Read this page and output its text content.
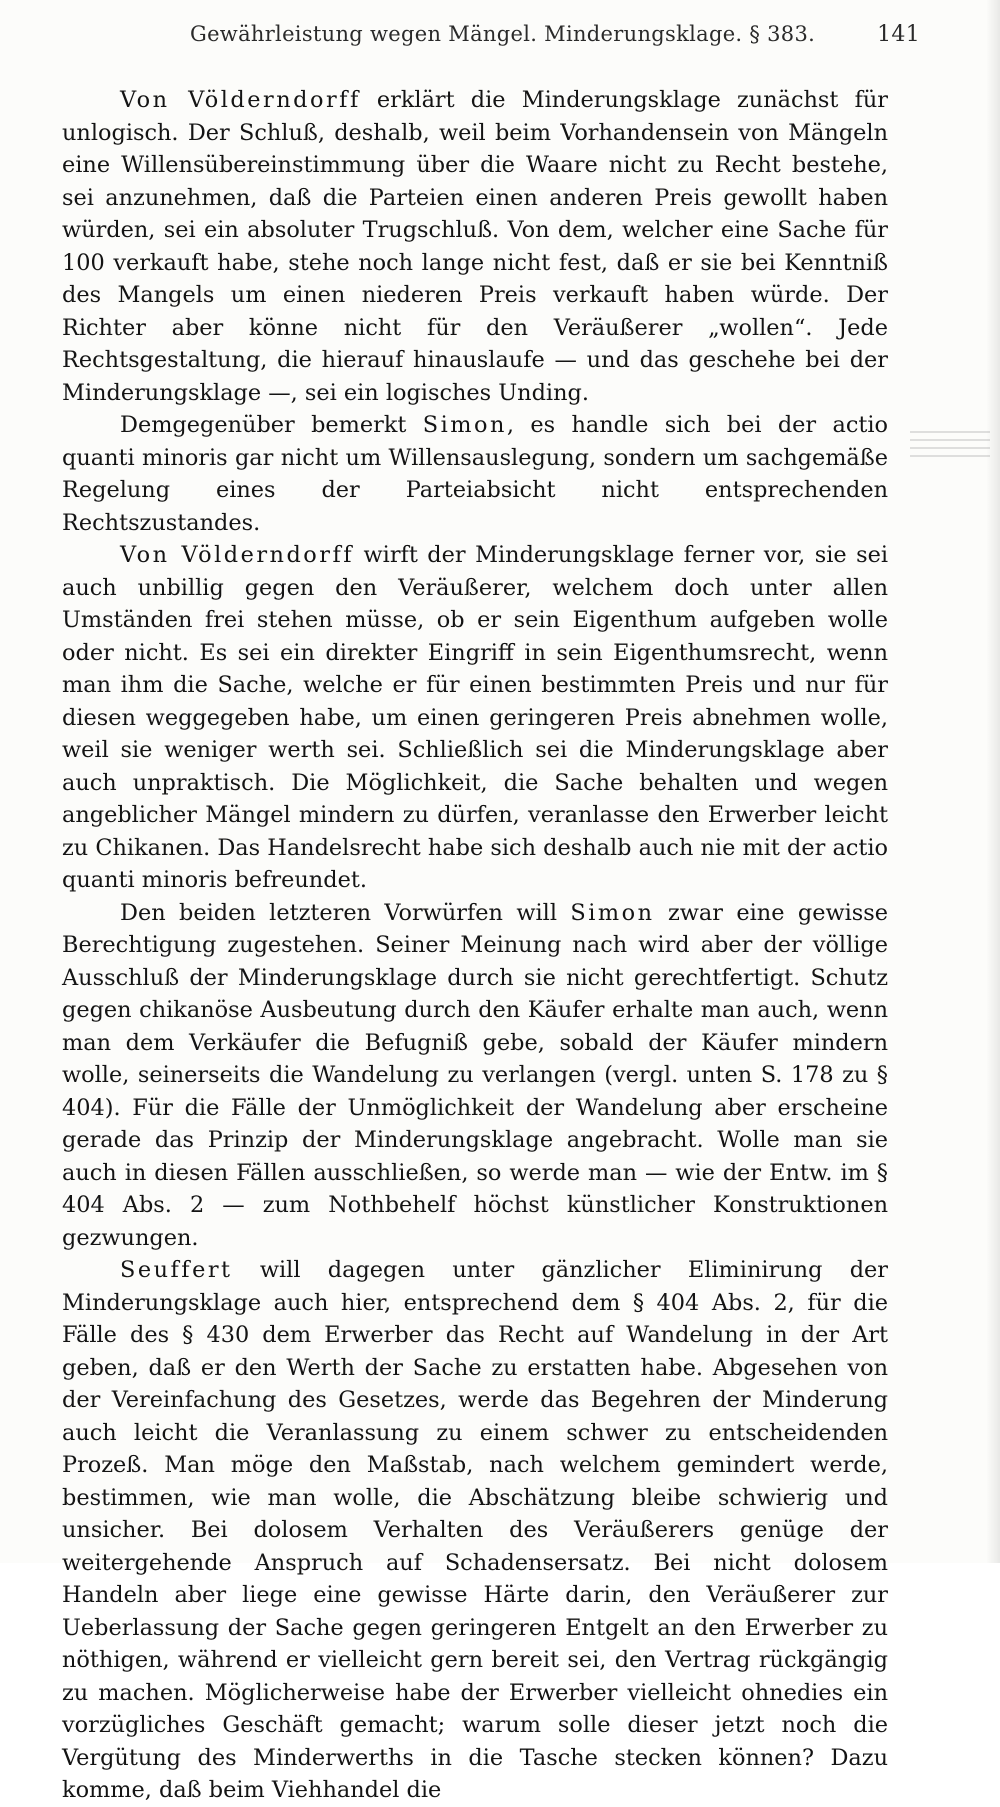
Gewährleistung wegen Mängel. Minderungsklage. § 383.	141

Von Völderndorff erklärt die Minderungsklage zunächst für unlogisch. Der Schluß, deshalb, weil beim Vorhandensein von Mängeln eine Willensübereinstimmung über die Waare nicht zu Recht bestehe, sei anzunehmen, daß die Parteien einen anderen Preis gewollt haben würden, sei ein absoluter Trugschluß. Von dem, welcher eine Sache für 100 verkauft habe, stehe noch lange nicht fest, daß er sie bei Kenntniß des Mangels um einen niederen Preis verkauft haben würde. Der Richter aber könne nicht für den Veräußerer „wollen“. Jede Rechtsgestaltung, die hierauf hinauslaufe — und das geschehe bei der Minderungsklage —, sei ein logisches Unding.

Demgegenüber bemerkt Simon, es handle sich bei der actio quanti minoris gar nicht um Willensauslegung, sondern um sachgemäße Regelung eines der Parteiabsicht nicht entsprechenden Rechtszustandes.

Von Völderndorff wirft der Minderungsklage ferner vor, sie sei auch unbillig gegen den Veräußerer, welchem doch unter allen Umständen frei stehen müsse, ob er sein Eigenthum aufgeben wolle oder nicht. Es sei ein direkter Eingriff in sein Eigenthumsrecht, wenn man ihm die Sache, welche er für einen bestimmten Preis und nur für diesen weggegeben habe, um einen geringeren Preis abnehmen wolle, weil sie weniger werth sei. Schließlich sei die Minderungsklage aber auch unpraktisch. Die Möglichkeit, die Sache behalten und wegen angeblicher Mängel mindern zu dürfen, veranlasse den Erwerber leicht zu Chikanen. Das Handelsrecht habe sich deshalb auch nie mit der actio quanti minoris befreundet.

Den beiden letzteren Vorwürfen will Simon zwar eine gewisse Berechtigung zugestehen. Seiner Meinung nach wird aber der völlige Ausschluß der Minderungsklage durch sie nicht gerechtfertigt. Schutz gegen chikanöse Ausbeutung durch den Käufer erhalte man auch, wenn man dem Verkäufer die Befugniß gebe, sobald der Käufer mindern wolle, seinerseits die Wandelung zu verlangen (vergl. unten S. 178 zu § 404). Für die Fälle der Unmöglichkeit der Wandelung aber erscheine gerade das Prinzip der Minderungsklage angebracht. Wolle man sie auch in diesen Fällen ausschließen, so werde man — wie der Entw. im § 404 Abs. 2 — zum Nothbehelf höchst künstlicher Konstruktionen gezwungen.

Seuffert will dagegen unter gänzlicher Eliminirung der Minderungsklage auch hier, entsprechend dem § 404 Abs. 2, für die Fälle des § 430 dem Erwerber das Recht auf Wandelung in der Art geben, daß er den Werth der Sache zu erstatten habe. Abgesehen von der Vereinfachung des Gesetzes, werde das Begehren der Minderung auch leicht die Veranlassung zu einem schwer zu entscheidenden Prozeß. Man möge den Maßstab, nach welchem gemindert werde, bestimmen, wie man wolle, die Abschätzung bleibe schwierig und unsicher. Bei dolosem Verhalten des Veräußerers genüge der weitergehende Anspruch auf Schadensersatz. Bei nicht dolosem Handeln aber liege eine gewisse Härte darin, den Veräußerer zur Ueberlassung der Sache gegen geringeren Entgelt an den Erwerber zu nöthigen, während er vielleicht gern bereit sei, den Vertrag rückgängig zu machen. Möglicherweise habe der Erwerber vielleicht ohnedies ein vorzügliches Geschäft gemacht; warum solle dieser jetzt noch die Vergütung des Minderwerths in die Tasche stecken können? Dazu komme, daß beim Viehhandel die
